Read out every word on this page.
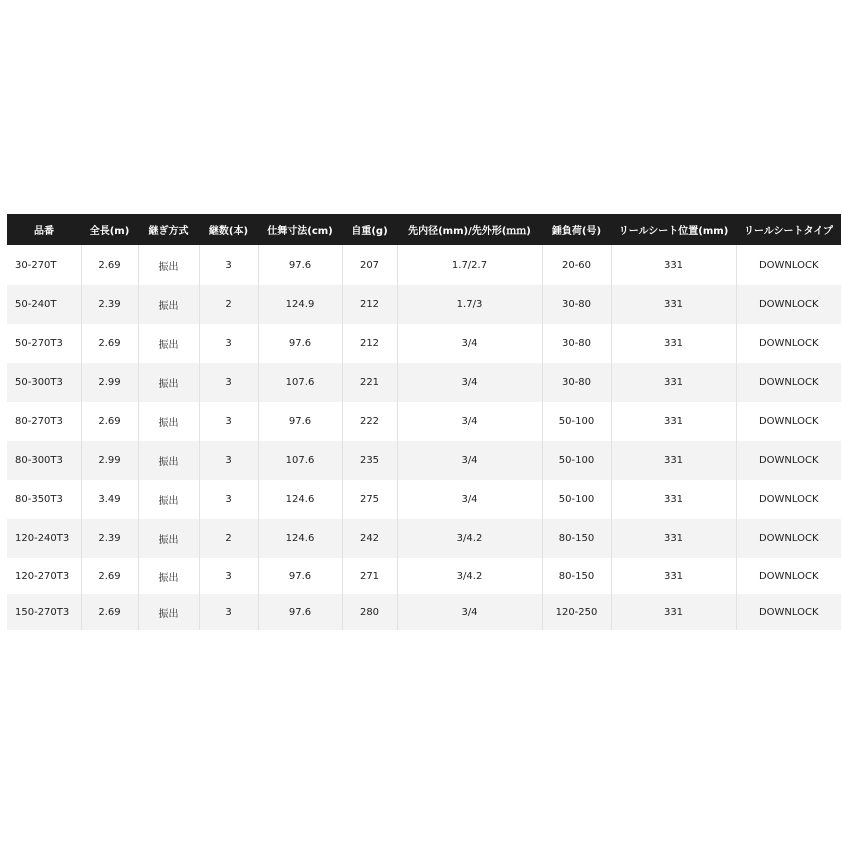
品番	全長(m)	継ぎ方式	継数(本)	仕舞寸法(cm)	自重(g)	先内径(mm)/先外形(ｍｍ)	錘負荷(号)	リールシート位置(mm)	リールシートタイプ
30-270T	2.69	振出	3	97.6	207	1.7/2.7	20-60	331	DOWNLOCK
50-240T	2.39	振出	2	124.9	212	1.7/3	30-80	331	DOWNLOCK
50-270T3	2.69	振出	3	97.6	212	3/4	30-80	331	DOWNLOCK
50-300T3	2.99	振出	3	107.6	221	3/4	30-80	331	DOWNLOCK
80-270T3	2.69	振出	3	97.6	222	3/4	50-100	331	DOWNLOCK
80-300T3	2.99	振出	3	107.6	235	3/4	50-100	331	DOWNLOCK
80-350T3	3.49	振出	3	124.6	275	3/4	50-100	331	DOWNLOCK
120-240T3	2.39	振出	2	124.6	242	3/4.2	80-150	331	DOWNLOCK
120-270T3	2.69	振出	3	97.6	271	3/4.2	80-150	331	DOWNLOCK
150-270T3	2.69	振出	3	97.6	280	3/4	120-250	331	DOWNLOCK
